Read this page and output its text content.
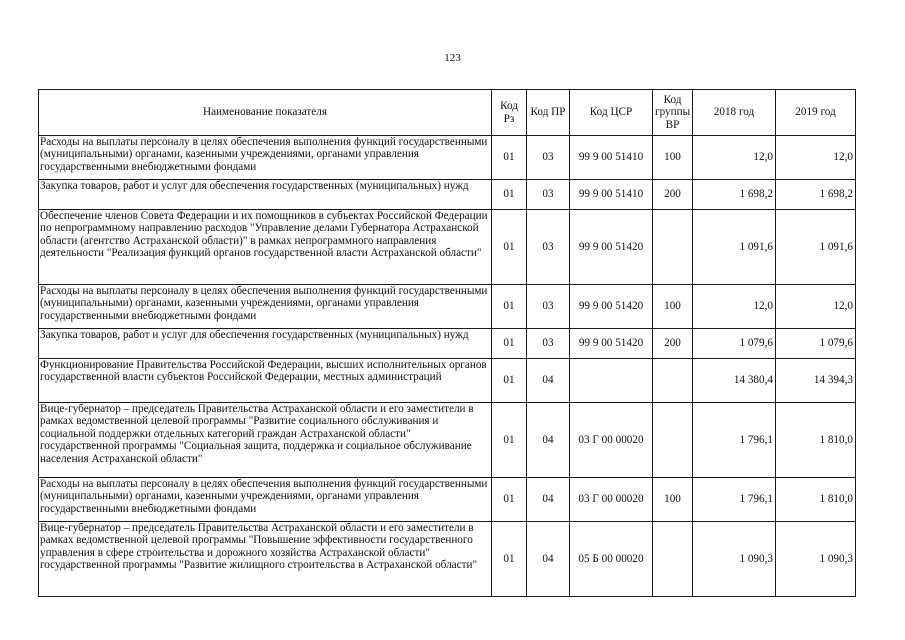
123
Наименование показателя	Код Рз	Код ПР	Код ЦСР	Код группы ВР	2018 год	2019 год
Расходы на выплаты персоналу в целях обеспечения выполнения функций государственными (муниципальными) органами, казенными учреждениями, органами управления государственными внебюджетными фондами	01	03	99 9 00 51410	100	12,0	12,0
Закупка товаров, работ и услуг для обеспечения государственных (муниципальных) нужд	01	03	99 9 00 51410	200	1 698,2	1 698,2
Обеспечение членов Совета Федерации и их помощников в субъектах Российской Федерации по непрограммному направлению расходов "Управление делами Губернатора Астраханской области (агентство Астраханской области)" в рамках непрограммного направления деятельности "Реализация функций органов государственной власти Астраханской области"	01	03	99 9 00 51420		1 091,6	1 091,6
Расходы на выплаты персоналу в целях обеспечения выполнения функций государственными (муниципальными) органами, казенными учреждениями, органами управления государственными внебюджетными фондами	01	03	99 9 00 51420	100	12,0	12,0
Закупка товаров, работ и услуг для обеспечения государственных (муниципальных) нужд	01	03	99 9 00 51420	200	1 079,6	1 079,6
Функционирование Правительства Российской Федерации, высших исполнительных органов государственной власти субъектов Российской Федерации, местных администраций	01	04			14 380,4	14 394,3
Вице-губернатор – председатель Правительства Астраханской области и его заместители в рамках ведомственной целевой программы "Развитие социального обслуживания и социальной поддержки отдельных категорий граждан Астраханской области" государственной программы "Социальная защита, поддержка и социальное обслуживание населения Астраханской области"	01	04	03 Г 00 00020		1 796,1	1 810,0
Расходы на выплаты персоналу в целях обеспечения выполнения функций государственными (муниципальными) органами, казенными учреждениями, органами управления государственными внебюджетными фондами	01	04	03 Г 00 00020	100	1 796,1	1 810,0
Вице-губернатор – председатель Правительства Астраханской области и его заместители в рамках ведомственной целевой программы "Повышение эффективности государственного управления в сфере строительства и дорожного хозяйства Астраханской области" государственной программы "Развитие жилищного строительства в Астраханской области"	01	04	05 Б 00 00020		1 090,3	1 090,3
